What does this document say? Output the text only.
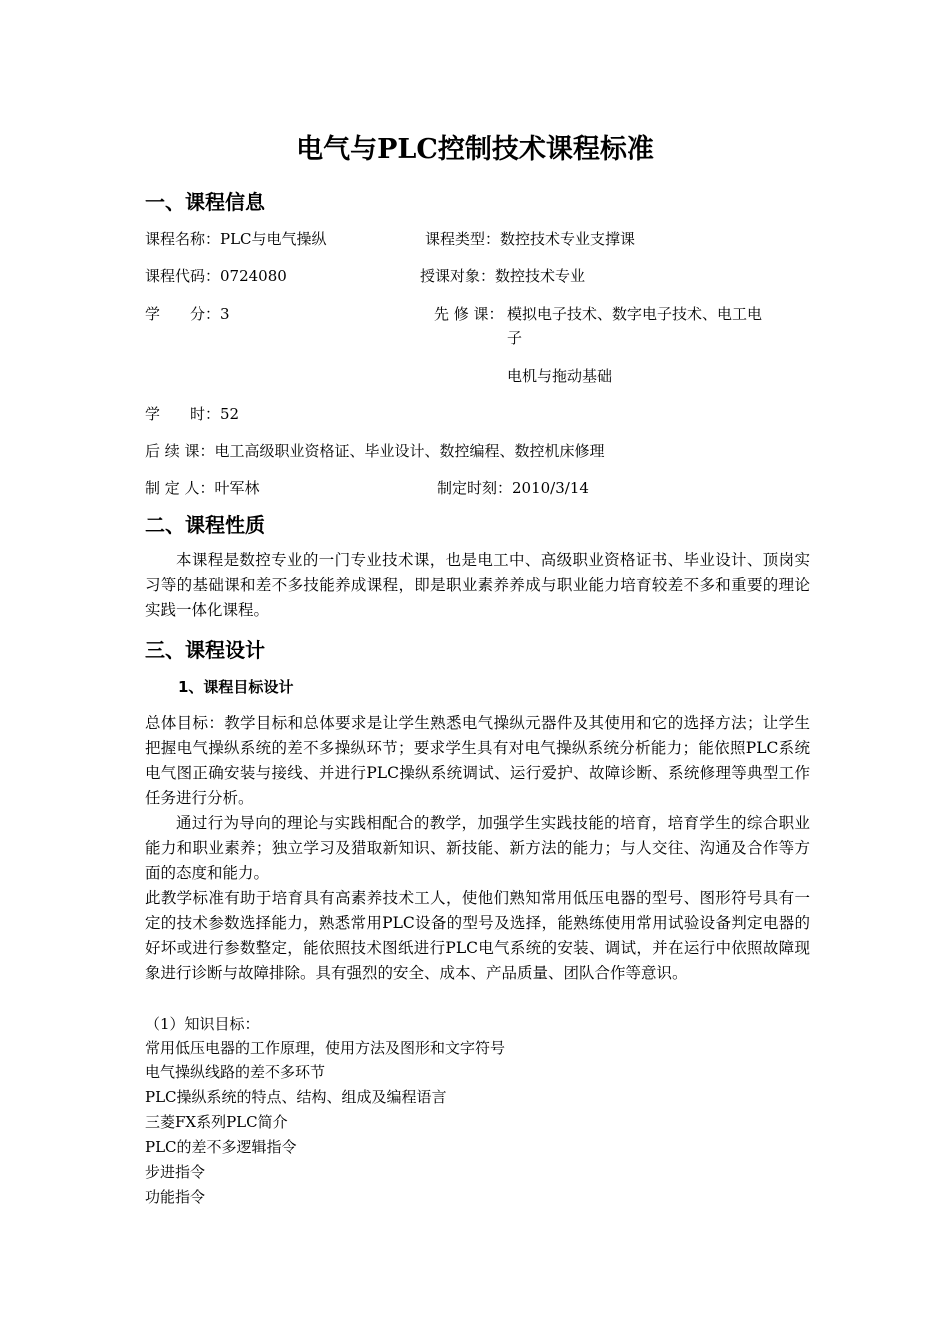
电气与PLC控制技术课程标准
一、课程信息
课程名称：PLC与电气操纵	课程类型：数控技术专业支撑课
课程代码：0724080	授课对象：数控技术专业
学　　分：3	先 修 课： 模拟电子技术、数字电子技术、电工电
子
电机与拖动基础
学　　时：52
后 续 课：电工高级职业资格证、毕业设计、数控编程、数控机床修理
制 定 人：叶军林	制定时刻：2010/3/14
二、课程性质
本课程是数控专业的一门专业技术课，也是电工中、高级职业资格证书、毕业设计、顶岗实习等的基础课和差不多技能养成课程，即是职业素养养成与职业能力培育较差不多和重要的理论实践一体化课程。
三、课程设计
1、课程目标设计
总体目标：教学目标和总体要求是让学生熟悉电气操纵元器件及其使用和它的选择方法；让学生把握电气操纵系统的差不多操纵环节；要求学生具有对电气操纵系统分析能力；能依照PLC系统电气图正确安装与接线、并进行PLC操纵系统调试、运行爱护、故障诊断、系统修理等典型工作任务进行分析。
通过行为导向的理论与实践相配合的教学，加强学生实践技能的培育，培育学生的综合职业能力和职业素养；独立学习及猎取新知识、新技能、新方法的能力；与人交往、沟通及合作等方面的态度和能力。
此教学标准有助于培育具有高素养技术工人，使他们熟知常用低压电器的型号、图形符号具有一定的技术参数选择能力，熟悉常用PLC设备的型号及选择，能熟练使用常用试验设备判定电器的好坏或进行参数整定，能依照技术图纸进行PLC电气系统的安装、调试，并在运行中依照故障现象进行诊断与故障排除。具有强烈的安全、成本、产品质量、团队合作等意识。
（1）知识目标：
常用低压电器的工作原理，使用方法及图形和文字符号
电气操纵线路的差不多环节
PLC操纵系统的特点、结构、组成及编程语言
三菱FX系列PLC简介
PLC的差不多逻辑指令
步进指令
功能指令
